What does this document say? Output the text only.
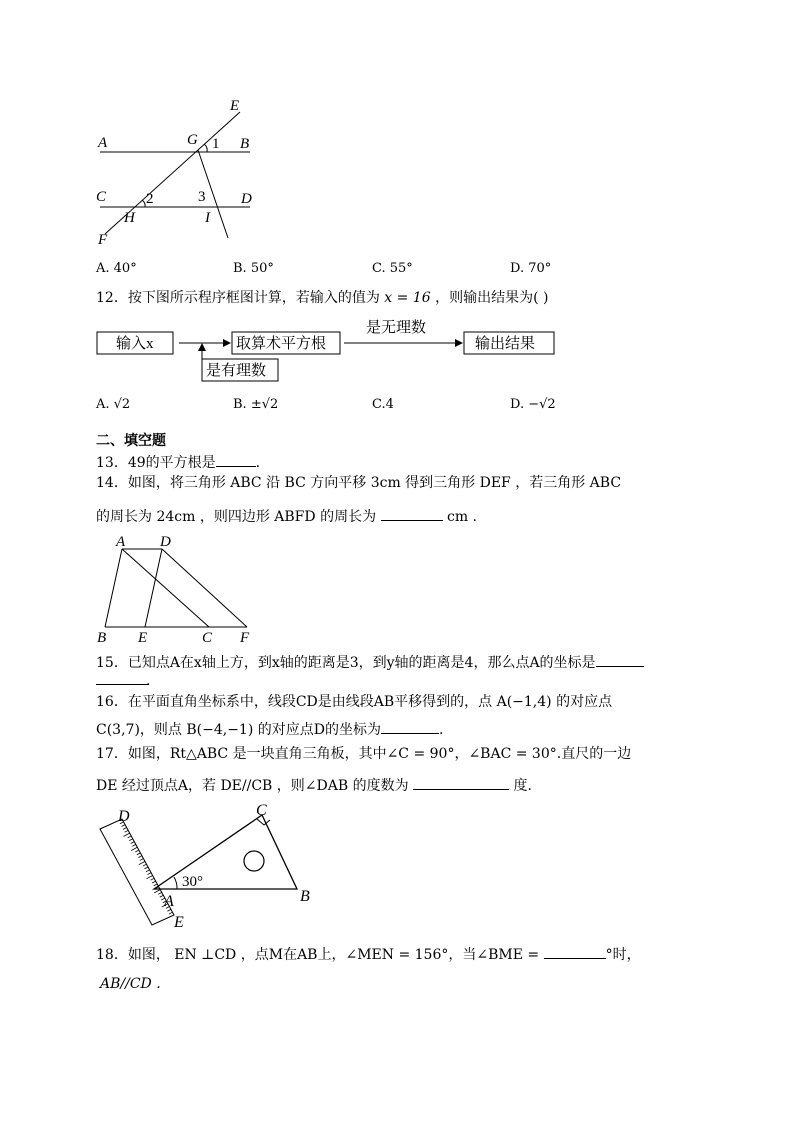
A	B
C	D
E
F
G
H	I
1
2	3
A. 40°	B. 50°	C. 55°	D. 70°
12．按下图所示程序框图计算，若输入的值为 x = 16 ，则输出结果为( )
输入x	取算术平方根	输出结果
是无理数
是有理数
A. √2	B. ±√2	C.4	D. −√2
二、填空题
13．49的平方根是	.
14．如图，将三角形 ABC 沿 BC 方向平移 3cm 得到三角形 DEF ，若三角形 ABC
的周长为 24cm ，则四边形 ABFD 的周长为	cm .
A D
B E	C F
15．已知点A在x轴上方，到x轴的距离是3，到y轴的距离是4，那么点A的坐标是
.
16．在平面直角坐标系中，线段CD是由线段AB平移得到的，点 A(−1,4) 的对应点
C(3,7)，则点 B(−4,−1) 的对应点D的坐标为	.
17．如图，Rt△ABC 是一块直角三角板，其中∠C = 90°，∠BAC = 30°.直尺的一边
DE 经过顶点A，若 DE//CB ，则∠DAB 的度数为	度.
D	C
A
E
B
30°
18．如图， EN ⊥CD ，点M在AB上，∠MEN = 156°，当∠BME =	°时，
AB//CD .
